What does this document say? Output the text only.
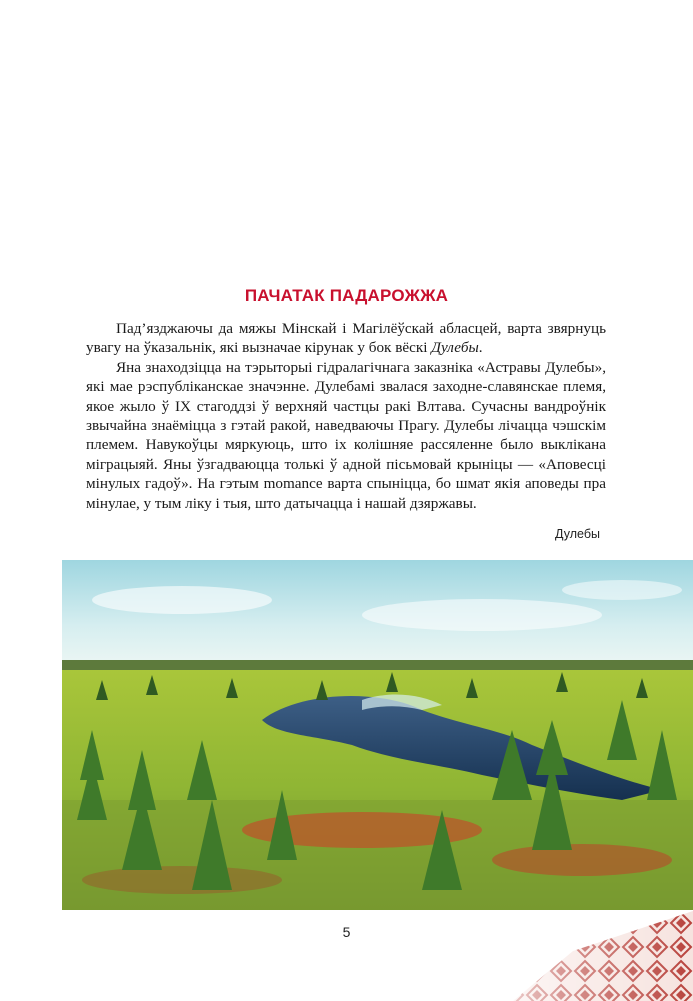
ПАЧАТАК ПАДАРОЖЖА

Пад’язджаючы да мяжы Мінскай і Магілёўскай абласцей, варта звярнуць увагу на ўказальнік, які вызначае кірунак у бок вёскі Дулебы.

Яна знаходзіцца на тэрыторыі гідралагічнага заказніка «Астравы Дулебы», які мае рэспубліканскае значэнне. Дулебамі звалася заходне-славянскае племя, якое жыло ў IX стагоддзі ў верхняй частцы ракі Влтава. Сучасны вандроўнік звычайна знаёміцца з гэтай ракой, наведваючы Прагу. Дулебы лічацца чэшскім племем. Навукоўцы мяркуюць, што іх колішняе рассяленне было выклікана міграцыяй. Яны ўзгадваюцца толькі ў адной пісьмовай крыніцы — «Аповесці мінулых гадоў». На гэтым momance варта спыніцца, бо шмат якія аповеды пра мінулае, у тым ліку і тыя, што датычацца і нашай дзяржавы.

Дулебы
5
